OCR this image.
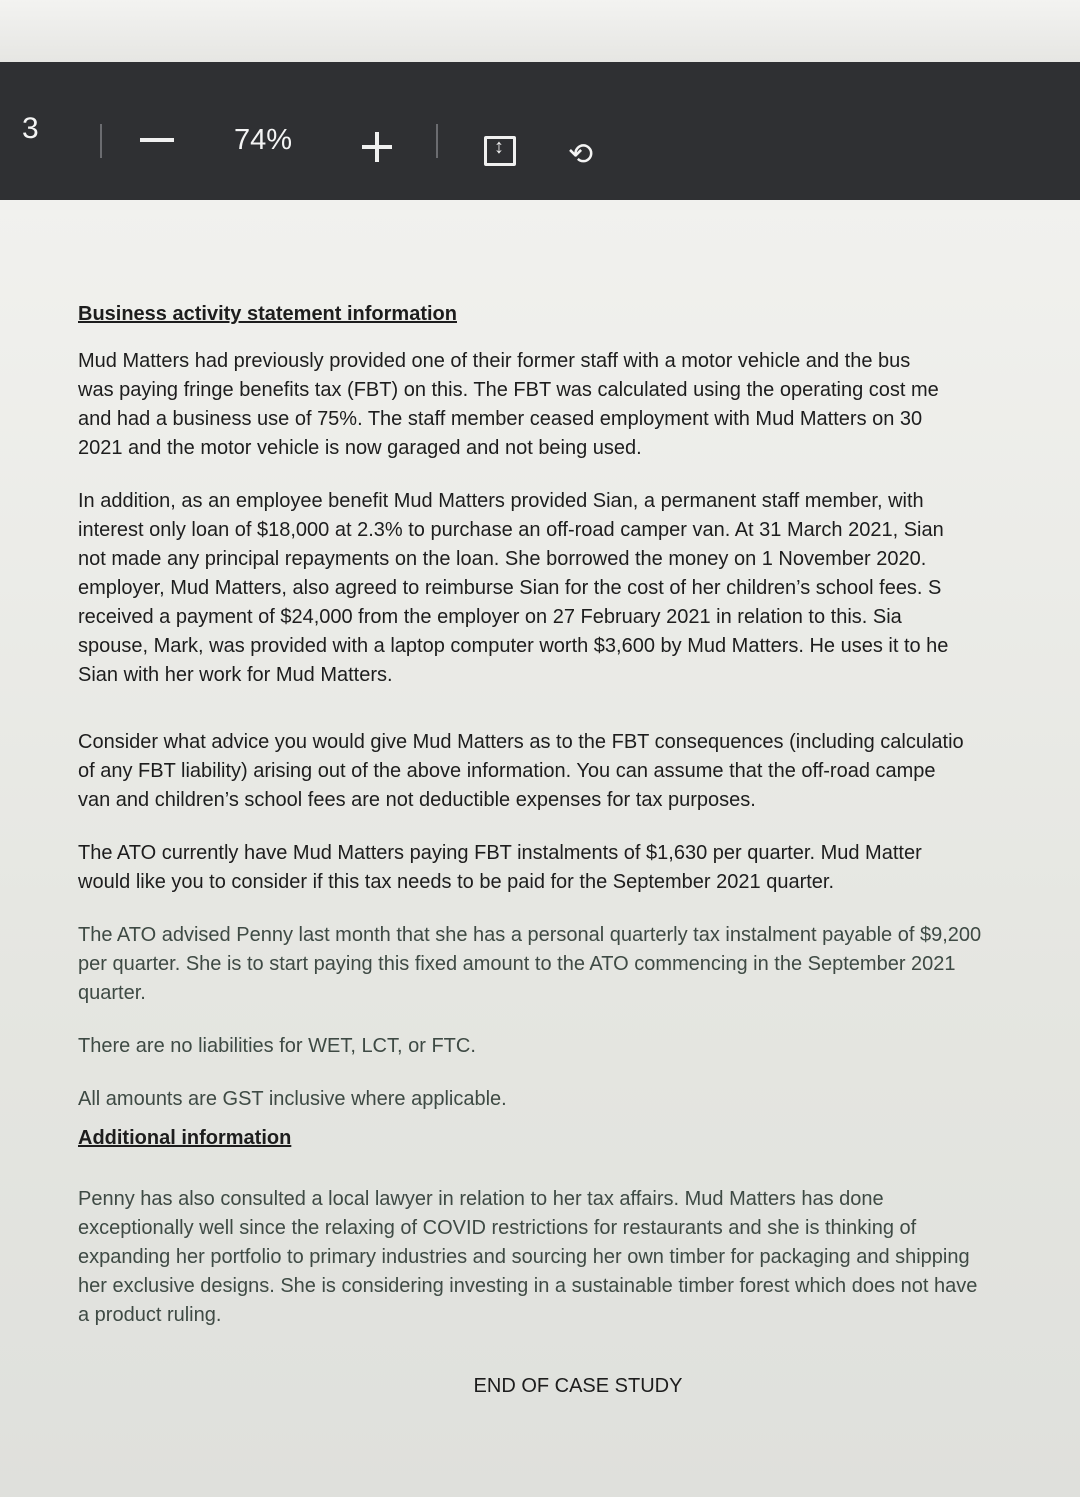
3	74%
↕	⟲
Business activity statement information
Mud Matters had previously provided one of their former staff with a motor vehicle and the bus
was paying fringe benefits tax (FBT) on this. The FBT was calculated using the operating cost me
and had a business use of 75%. The staff member ceased employment with Mud Matters on 30
2021 and the motor vehicle is now garaged and not being used.
In addition, as an employee benefit Mud Matters provided Sian, a permanent staff member, with
interest only loan of $18,000 at 2.3% to purchase an off-road camper van. At 31 March 2021, Sian
not made any principal repayments on the loan. She borrowed the money on 1 November 2020.
employer, Mud Matters, also agreed to reimburse Sian for the cost of her children’s school fees. S
received a payment of $24,000 from the employer on 27 February 2021 in relation to this. Sia
spouse, Mark, was provided with a laptop computer worth $3,600 by Mud Matters. He uses it to he
Sian with her work for Mud Matters.
Consider what advice you would give Mud Matters as to the FBT consequences (including calculatio
of any FBT liability) arising out of the above information. You can assume that the off-road campe
van and children’s school fees are not deductible expenses for tax purposes.
The ATO currently have Mud Matters paying FBT instalments of $1,630 per quarter. Mud Matter
would like you to consider if this tax needs to be paid for the September 2021 quarter.
The ATO advised Penny last month that she has a personal quarterly tax instalment payable of $9,200
per quarter. She is to start paying this fixed amount to the ATO commencing in the September 2021
quarter.
There are no liabilities for WET, LCT, or FTC.
All amounts are GST inclusive where applicable.
Additional information
Penny has also consulted a local lawyer in relation to her tax affairs. Mud Matters has done
exceptionally well since the relaxing of COVID restrictions for restaurants and she is thinking of
expanding her portfolio to primary industries and sourcing her own timber for packaging and shipping
her exclusive designs. She is considering investing in a sustainable timber forest which does not have
a product ruling.
END OF CASE STUDY
